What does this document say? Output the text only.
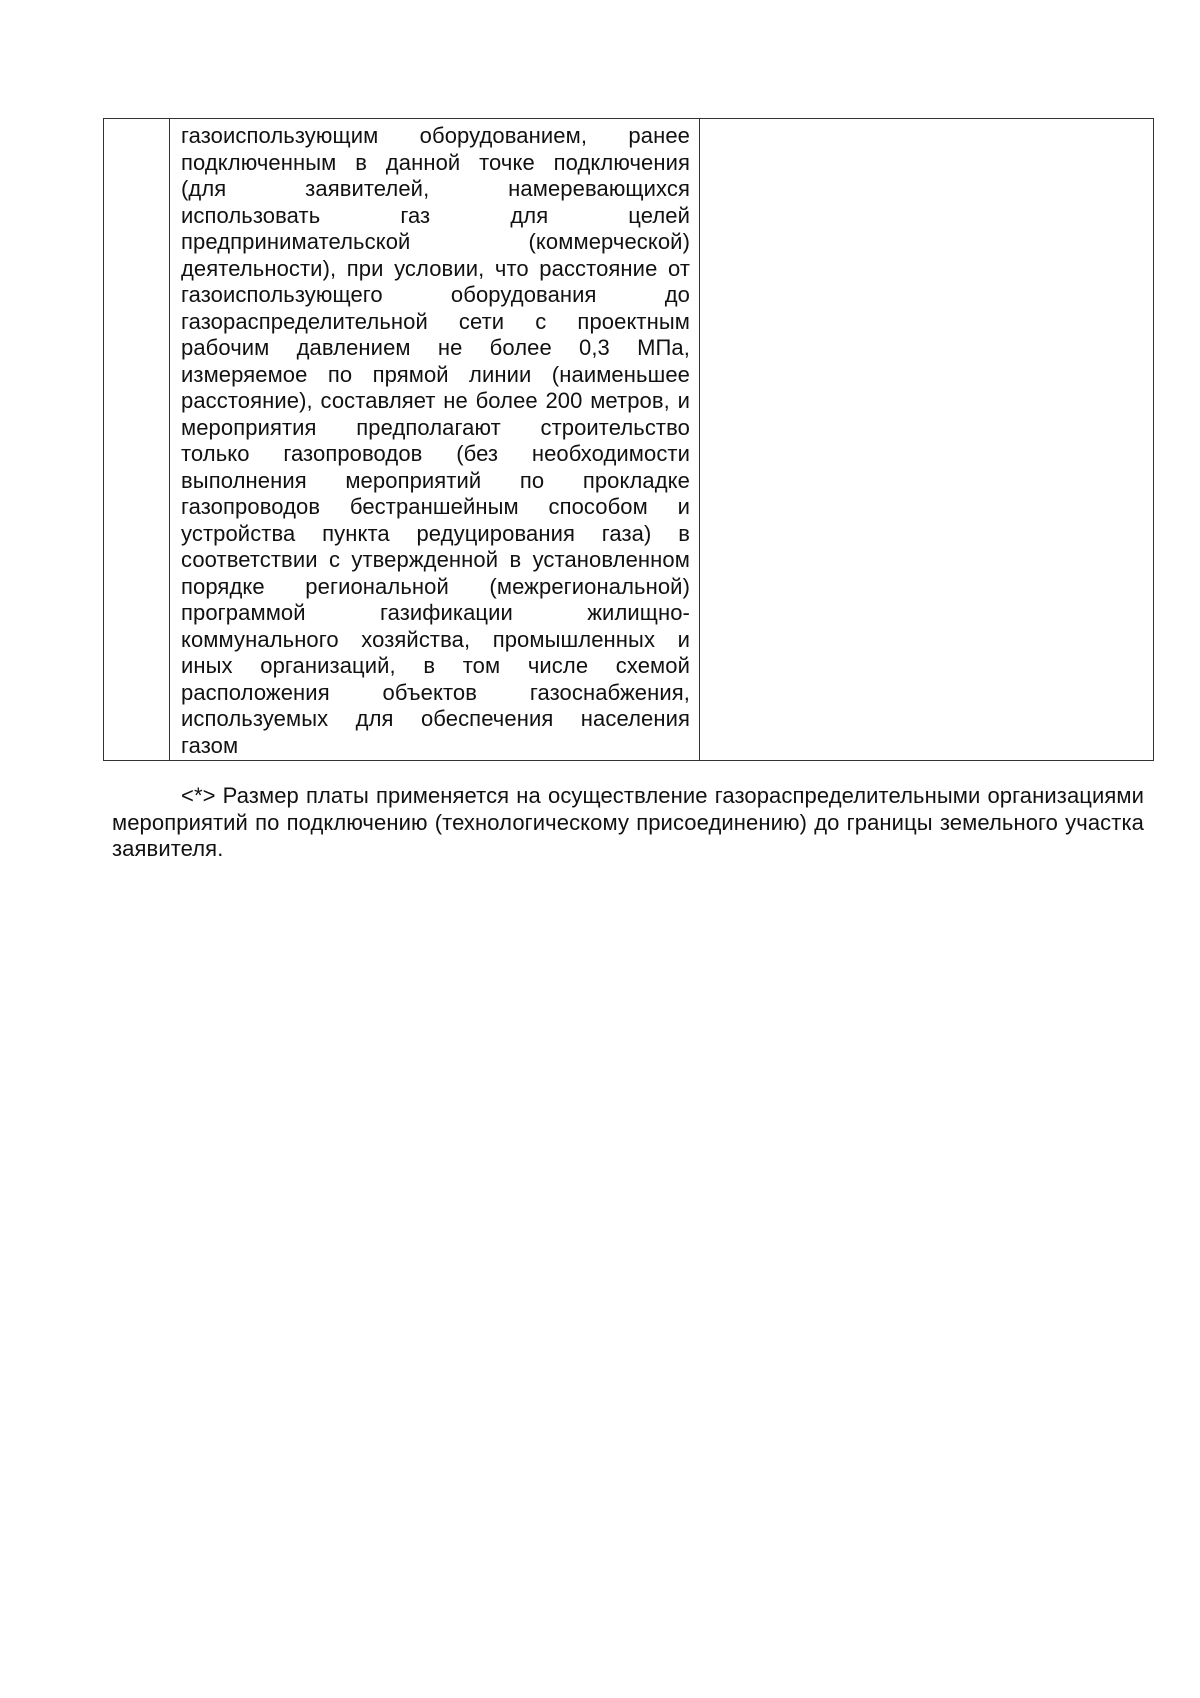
газоиспользующим оборудованием, ранее подключенным в данной точке подключения (для заявителей, намеревающихся использовать газ для целей предпринимательской (коммерческой) деятельности), при условии, что расстояние от газоиспользующего оборудования до газораспределительной сети с проектным рабочим давлением не более 0,3 МПа, измеряемое по прямой линии (наименьшее расстояние), составляет не более 200 метров, и мероприятия предполагают строительство только газопроводов (без необходимости выполнения мероприятий по прокладке газопроводов бестраншейным способом и устройства пункта редуцирования газа) в соответствии с утвержденной в установленном порядке региональной (межрегиональной) программой газификации жилищно-коммунального хозяйства, промышленных и иных организаций, в том числе схемой расположения объектов газоснабжения, используемых для обеспечения населения газом

<*> Размер платы применяется на осуществление газораспределительными организациями мероприятий по подключению (технологическому присоединению) до границы земельного участка заявителя.
